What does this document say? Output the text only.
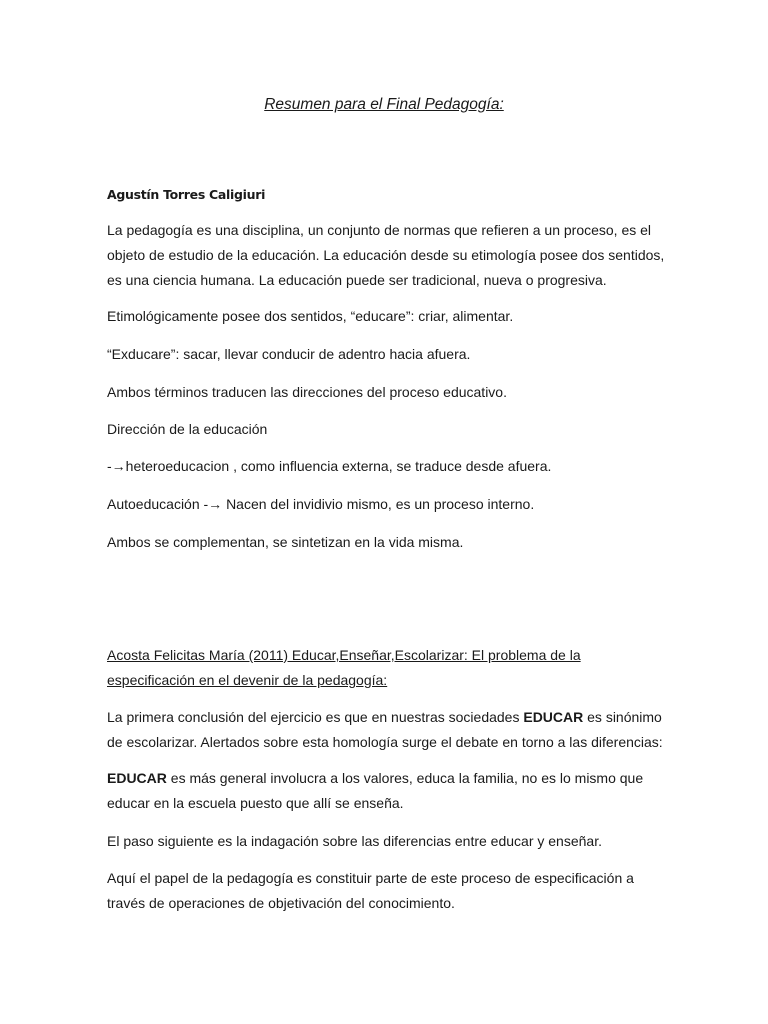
Resumen para el Final Pedagogía:

Agustín Torres Caligiuri

La pedagogía es una disciplina, un conjunto de normas que refieren a un proceso, es el
objeto de estudio de la educación. La educación desde su etimología posee dos sentidos,
es una ciencia humana. La educación puede ser tradicional, nueva o progresiva.

Etimológicamente posee dos sentidos, “educare”: criar, alimentar.

“Exducare”: sacar, llevar conducir de adentro hacia afuera.

Ambos términos traducen las direcciones del proceso educativo.

Dirección de la educación

-→heteroeducacion , como influencia externa, se traduce desde afuera.

Autoeducación -→ Nacen del invidivio mismo, es un proceso interno.

Ambos se complementan, se sintetizan en la vida misma.

Acosta Felicitas María (2011) Educar,Enseñar,Escolarizar: El problema de la
especificación en el devenir de la pedagogía:
La primera conclusión del ejercicio es que en nuestras sociedades EDUCAR es sinónimo
de escolarizar. Alertados sobre esta homología surge el debate en torno a las diferencias:
EDUCAR es más general involucra a los valores, educa la familia, no es lo mismo que
educar en la escuela puesto que allí se enseña.

El paso siguiente es la indagación sobre las diferencias entre educar y enseñar.

Aquí el papel de la pedagogía es constituir parte de este proceso de especificación a
través de operaciones de objetivación del conocimiento.
